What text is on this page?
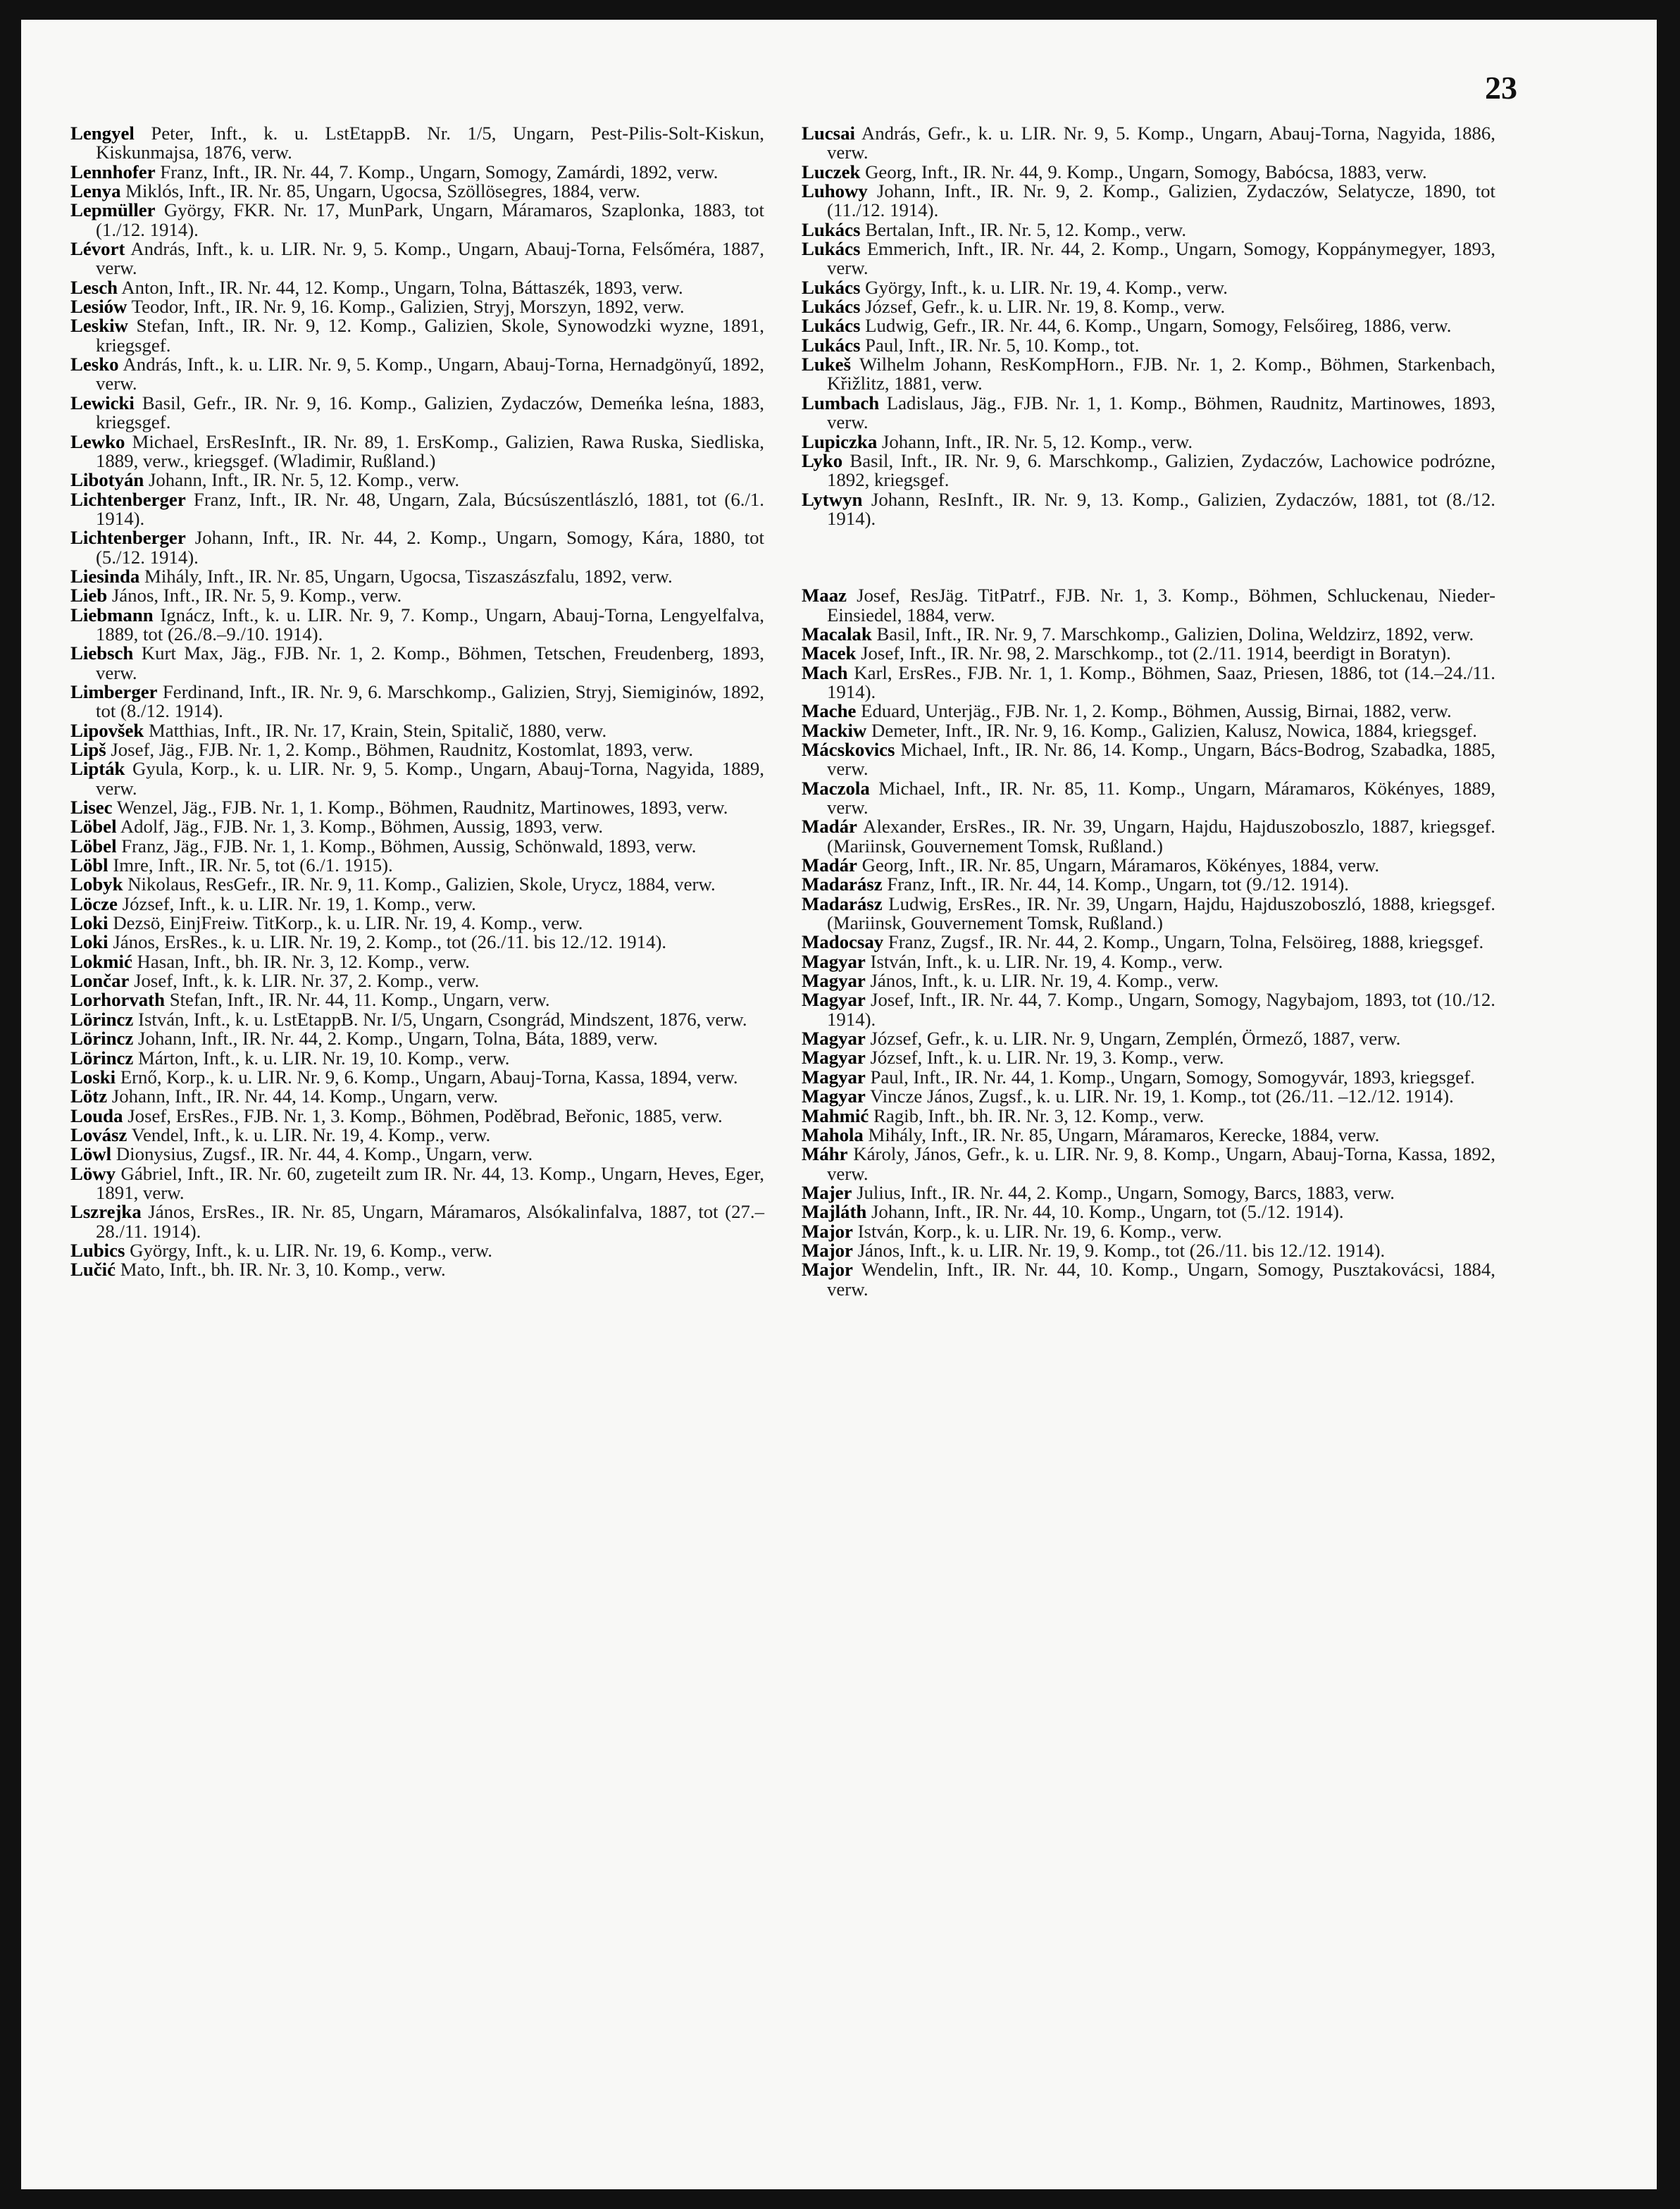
23
Lengyel Peter, Inft., k. u. LstEtappB. Nr. 1/5, Ungarn, Pest-Pilis-Solt-Kiskun, Kiskunmajsa, 1876, verw.
Lennhofer Franz, Inft., IR. Nr. 44, 7. Komp., Ungarn, Somogy, Zamárdi, 1892, verw.
Lenya Miklós, Inft., IR. Nr. 85, Ungarn, Ugocsa, Szöllösegres, 1884, verw.
Lepmüller György, FKR. Nr. 17, MunPark, Ungarn, Máramaros, Szaplonka, 1883, tot (1./12. 1914).
Lévort András, Inft., k. u. LIR. Nr. 9, 5. Komp., Ungarn, Abauj-Torna, Felsőméra, 1887, verw.
Lesch Anton, Inft., IR. Nr. 44, 12. Komp., Ungarn, Tolna, Báttaszék, 1893, verw.
Lesiów Teodor, Inft., IR. Nr. 9, 16. Komp., Galizien, Stryj, Morszyn, 1892, verw.
Leskiw Stefan, Inft., IR. Nr. 9, 12. Komp., Galizien, Skole, Synowodzki wyzne, 1891, kriegsgef.
Lesko András, Inft., k. u. LIR. Nr. 9, 5. Komp., Ungarn, Abauj-Torna, Hernadgönyű, 1892, verw.
Lewicki Basil, Gefr., IR. Nr. 9, 16. Komp., Galizien, Zydaczów, Demeńka leśna, 1883, kriegsgef.
Lewko Michael, ErsResInft., IR. Nr. 89, 1. ErsKomp., Galizien, Rawa Ruska, Siedliska, 1889, verw., kriegsgef. (Wladimir, Rußland.)
Libotyán Johann, Inft., IR. Nr. 5, 12. Komp., verw.
Lichtenberger Franz, Inft., IR. Nr. 48, Ungarn, Zala, Búcsúszentlászló, 1881, tot (6./1. 1914).
Lichtenberger Johann, Inft., IR. Nr. 44, 2. Komp., Ungarn, Somogy, Kára, 1880, tot (5./12. 1914).
Liesinda Mihály, Inft., IR. Nr. 85, Ungarn, Ugocsa, Tiszaszászfalu, 1892, verw.
Lieb János, Inft., IR. Nr. 5, 9. Komp., verw.
Liebmann Ignácz, Inft., k. u. LIR. Nr. 9, 7. Komp., Ungarn, Abauj-Torna, Lengyelfalva, 1889, tot (26./8.–9./10. 1914).
Liebsch Kurt Max, Jäg., FJB. Nr. 1, 2. Komp., Böhmen, Tetschen, Freudenberg, 1893, verw.
Limberger Ferdinand, Inft., IR. Nr. 9, 6. Marschkomp., Galizien, Stryj, Siemiginów, 1892, tot (8./12. 1914).
Lipovšek Matthias, Inft., IR. Nr. 17, Krain, Stein, Spitalič, 1880, verw.
Lipš Josef, Jäg., FJB. Nr. 1, 2. Komp., Böhmen, Raudnitz, Kostomlat, 1893, verw.
Lipták Gyula, Korp., k. u. LIR. Nr. 9, 5. Komp., Ungarn, Abauj-Torna, Nagyida, 1889, verw.
Lisec Wenzel, Jäg., FJB. Nr. 1, 1. Komp., Böhmen, Raudnitz, Martinowes, 1893, verw.
Löbel Adolf, Jäg., FJB. Nr. 1, 3. Komp., Böhmen, Aussig, 1893, verw.
Löbel Franz, Jäg., FJB. Nr. 1, 1. Komp., Böhmen, Aussig, Schönwald, 1893, verw.
Löbl Imre, Inft., IR. Nr. 5, tot (6./1. 1915).
Lobyk Nikolaus, ResGefr., IR. Nr. 9, 11. Komp., Galizien, Skole, Urycz, 1884, verw.
Löcze József, Inft., k. u. LIR. Nr. 19, 1. Komp., verw.
Loki Dezsö, EinjFreiw. TitKorp., k. u. LIR. Nr. 19, 4. Komp., verw.
Loki János, ErsRes., k. u. LIR. Nr. 19, 2. Komp., tot (26./11. bis 12./12. 1914).
Lokmić Hasan, Inft., bh. IR. Nr. 3, 12. Komp., verw.
Lončar Josef, Inft., k. k. LIR. Nr. 37, 2. Komp., verw.
Lorhorvath Stefan, Inft., IR. Nr. 44, 11. Komp., Ungarn, verw.
Lörincz István, Inft., k. u. LstEtappB. Nr. I/5, Ungarn, Csongrád, Mindszent, 1876, verw.
Lörincz Johann, Inft., IR. Nr. 44, 2. Komp., Ungarn, Tolna, Báta, 1889, verw.
Lörincz Márton, Inft., k. u. LIR. Nr. 19, 10. Komp., verw.
Loski Ernő, Korp., k. u. LIR. Nr. 9, 6. Komp., Ungarn, Abauj-Torna, Kassa, 1894, verw.
Lötz Johann, Inft., IR. Nr. 44, 14. Komp., Ungarn, verw.
Louda Josef, ErsRes., FJB. Nr. 1, 3. Komp., Böhmen, Poděbrad, Beřonic, 1885, verw.
Lovász Vendel, Inft., k. u. LIR. Nr. 19, 4. Komp., verw.
Löwl Dionysius, Zugsf., IR. Nr. 44, 4. Komp., Ungarn, verw.
Löwy Gábriel, Inft., IR. Nr. 60, zugeteilt zum IR. Nr. 44, 13. Komp., Ungarn, Heves, Eger, 1891, verw.
Lszrejka János, ErsRes., IR. Nr. 85, Ungarn, Máramaros, Alsókalinfalva, 1887, tot (27.–28./11. 1914).
Lubics György, Inft., k. u. LIR. Nr. 19, 6. Komp., verw.
Lučić Mato, Inft., bh. IR. Nr. 3, 10. Komp., verw.
Lucsai András, Gefr., k. u. LIR. Nr. 9, 5. Komp., Ungarn, Abauj-Torna, Nagyida, 1886, verw.
Luczek Georg, Inft., IR. Nr. 44, 9. Komp., Ungarn, Somogy, Babócsa, 1883, verw.
Luhowy Johann, Inft., IR. Nr. 9, 2. Komp., Galizien, Zydaczów, Selatycze, 1890, tot (11./12. 1914).
Lukács Bertalan, Inft., IR. Nr. 5, 12. Komp., verw.
Lukács Emmerich, Inft., IR. Nr. 44, 2. Komp., Ungarn, Somogy, Koppánymegyer, 1893, verw.
Lukács György, Inft., k. u. LIR. Nr. 19, 4. Komp., verw.
Lukács József, Gefr., k. u. LIR. Nr. 19, 8. Komp., verw.
Lukács Ludwig, Gefr., IR. Nr. 44, 6. Komp., Ungarn, Somogy, Felsőireg, 1886, verw.
Lukács Paul, Inft., IR. Nr. 5, 10. Komp., tot.
Lukeš Wilhelm Johann, ResKompHorn., FJB. Nr. 1, 2. Komp., Böhmen, Starkenbach, Křižlitz, 1881, verw.
Lumbach Ladislaus, Jäg., FJB. Nr. 1, 1. Komp., Böhmen, Raudnitz, Martinowes, 1893, verw.
Lupiczka Johann, Inft., IR. Nr. 5, 12. Komp., verw.
Lyko Basil, Inft., IR. Nr. 9, 6. Marschkomp., Galizien, Zydaczów, Lachowice podrózne, 1892, kriegsgef.
Lytwyn Johann, ResInft., IR. Nr. 9, 13. Komp., Galizien, Zydaczów, 1881, tot (8./12. 1914).
Maaz Josef, ResJäg. TitPatrf., FJB. Nr. 1, 3. Komp., Böhmen, Schluckenau, Nieder-Einsiedel, 1884, verw.
Macalak Basil, Inft., IR. Nr. 9, 7. Marschkomp., Galizien, Dolina, Weldzirz, 1892, verw.
Macek Josef, Inft., IR. Nr. 98, 2. Marschkomp., tot (2./11. 1914, beerdigt in Boratyn).
Mach Karl, ErsRes., FJB. Nr. 1, 1. Komp., Böhmen, Saaz, Priesen, 1886, tot (14.–24./11. 1914).
Mache Eduard, Unterjäg., FJB. Nr. 1, 2. Komp., Böhmen, Aussig, Birnai, 1882, verw.
Mackiw Demeter, Inft., IR. Nr. 9, 16. Komp., Galizien, Kalusz, Nowica, 1884, kriegsgef.
Mácskovics Michael, Inft., IR. Nr. 86, 14. Komp., Ungarn, Bács-Bodrog, Szabadka, 1885, verw.
Maczola Michael, Inft., IR. Nr. 85, 11. Komp., Ungarn, Máramaros, Kökényes, 1889, verw.
Madár Alexander, ErsRes., IR. Nr. 39, Ungarn, Hajdu, Hajduszoboszlo, 1887, kriegsgef. (Mariinsk, Gouvernement Tomsk, Rußland.)
Madár Georg, Inft., IR. Nr. 85, Ungarn, Máramaros, Kökényes, 1884, verw.
Madarász Franz, Inft., IR. Nr. 44, 14. Komp., Ungarn, tot (9./12. 1914).
Madarász Ludwig, ErsRes., IR. Nr. 39, Ungarn, Hajdu, Hajduszoboszló, 1888, kriegsgef. (Mariinsk, Gouvernement Tomsk, Rußland.)
Madocsay Franz, Zugsf., IR. Nr. 44, 2. Komp., Ungarn, Tolna, Felsöireg, 1888, kriegsgef.
Magyar István, Inft., k. u. LIR. Nr. 19, 4. Komp., verw.
Magyar János, Inft., k. u. LIR. Nr. 19, 4. Komp., verw.
Magyar Josef, Inft., IR. Nr. 44, 7. Komp., Ungarn, Somogy, Nagybajom, 1893, tot (10./12. 1914).
Magyar József, Gefr., k. u. LIR. Nr. 9, Ungarn, Zemplén, Örmező, 1887, verw.
Magyar József, Inft., k. u. LIR. Nr. 19, 3. Komp., verw.
Magyar Paul, Inft., IR. Nr. 44, 1. Komp., Ungarn, Somogy, Somogyvár, 1893, kriegsgef.
Magyar Vincze János, Zugsf., k. u. LIR. Nr. 19, 1. Komp., tot (26./11. –12./12. 1914).
Mahmić Ragib, Inft., bh. IR. Nr. 3, 12. Komp., verw.
Mahola Mihály, Inft., IR. Nr. 85, Ungarn, Máramaros, Kerecke, 1884, verw.
Máhr Károly, János, Gefr., k. u. LIR. Nr. 9, 8. Komp., Ungarn, Abauj-Torna, Kassa, 1892, verw.
Majer Julius, Inft., IR. Nr. 44, 2. Komp., Ungarn, Somogy, Barcs, 1883, verw.
Majláth Johann, Inft., IR. Nr. 44, 10. Komp., Ungarn, tot (5./12. 1914).
Major István, Korp., k. u. LIR. Nr. 19, 6. Komp., verw.
Major János, Inft., k. u. LIR. Nr. 19, 9. Komp., tot (26./11. bis 12./12. 1914).
Major Wendelin, Inft., IR. Nr. 44, 10. Komp., Ungarn, Somogy, Pusztakovácsi, 1884, verw.
